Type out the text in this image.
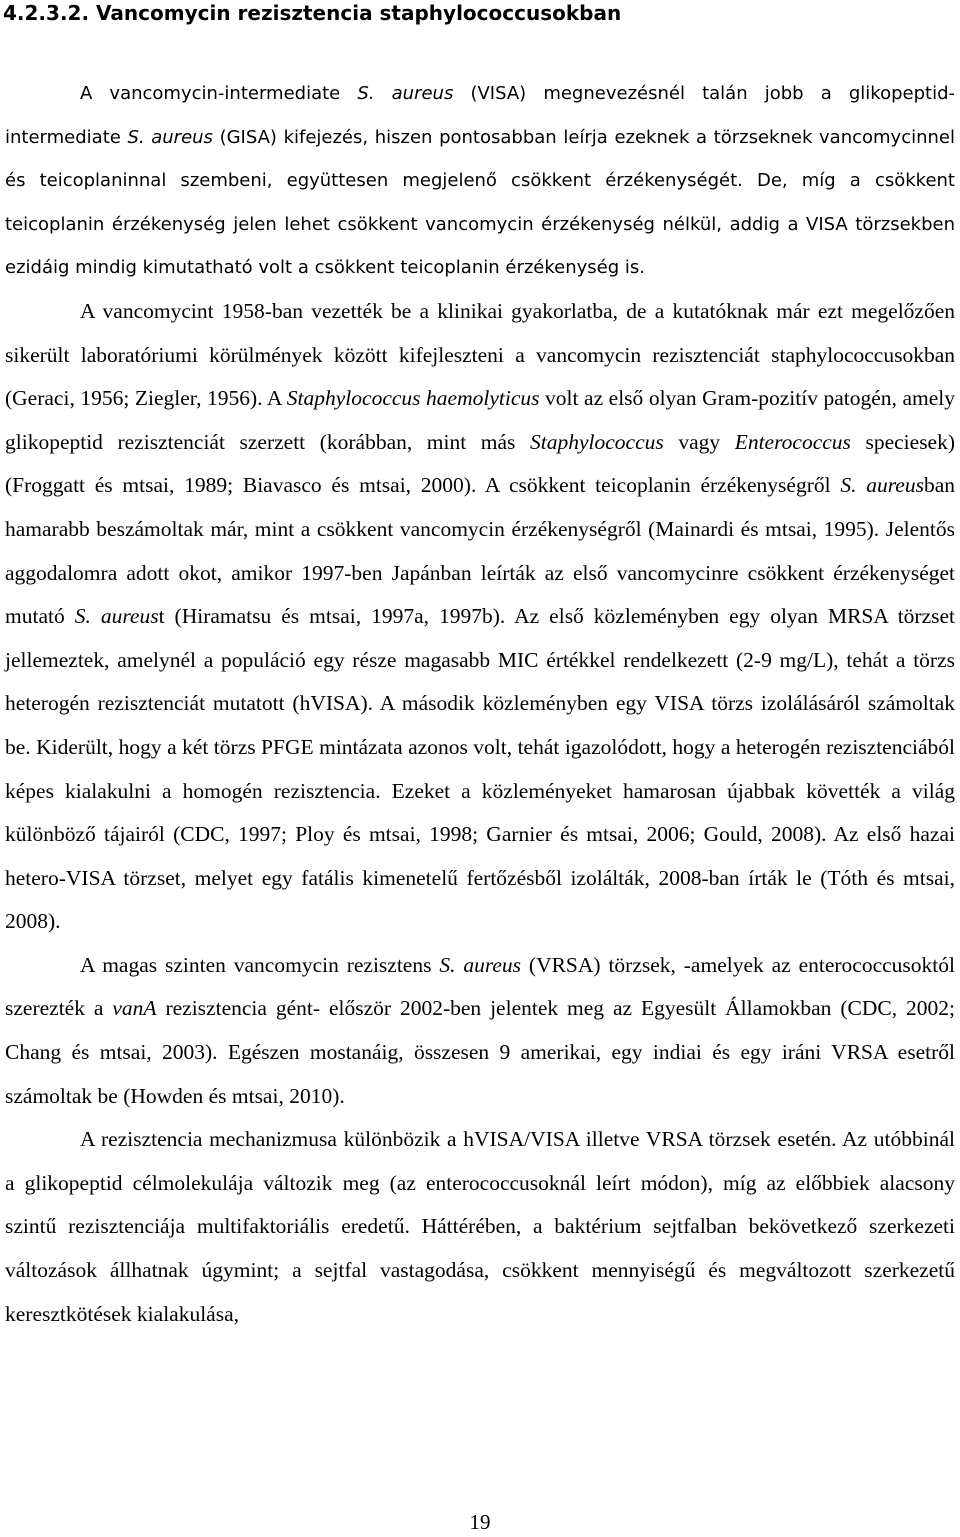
4.2.3.2. Vancomycin rezisztencia staphylococcusokban

A vancomycin-intermediate S. aureus (VISA) megnevezésnél talán jobb a glikopeptid-intermediate S. aureus (GISA) kifejezés, hiszen pontosabban leírja ezeknek a törzseknek vancomycinnel és teicoplaninnal szembeni, együttesen megjelenő csökkent érzékenységét. De, míg a csökkent teicoplanin érzékenység jelen lehet csökkent vancomycin érzékenység nélkül, addig a VISA törzsekben ezidáig mindig kimutatható volt a csökkent teicoplanin érzékenység is.

A vancomycint 1958-ban vezették be a klinikai gyakorlatba, de a kutatóknak már ezt megelőzően sikerült laboratóriumi körülmények között kifejleszteni a vancomycin rezisztenciát staphylococcusokban (Geraci, 1956; Ziegler, 1956). A Staphylococcus haemolyticus volt az első olyan Gram-pozitív patogén, amely glikopeptid rezisztenciát szerzett (korábban, mint más Staphylococcus vagy Enterococcus speciesek) (Froggatt és mtsai, 1989; Biavasco és mtsai, 2000). A csökkent teicoplanin érzékenységről S. aureusban hamarabb beszámoltak már, mint a csökkent vancomycin érzékenységről (Mainardi és mtsai, 1995). Jelentős aggodalomra adott okot, amikor 1997-ben Japánban leírták az első vancomycinre csökkent érzékenységet mutató S. aureust (Hiramatsu és mtsai, 1997a, 1997b). Az első közleményben egy olyan MRSA törzset jellemeztek, amelynél a populáció egy része magasabb MIC értékkel rendelkezett (2-9 mg/L), tehát a törzs heterogén rezisztenciát mutatott (hVISA). A második közleményben egy VISA törzs izolálásáról számoltak be. Kiderült, hogy a két törzs PFGE mintázata azonos volt, tehát igazolódott, hogy a heterogén rezisztenciából képes kialakulni a homogén rezisztencia. Ezeket a közleményeket hamarosan újabbak követték a világ különböző tájairól (CDC, 1997; Ploy és mtsai, 1998; Garnier és mtsai, 2006; Gould, 2008). Az első hazai hetero-VISA törzset, melyet egy fatális kimenetelű fertőzésből izolálták, 2008-ban írták le (Tóth és mtsai, 2008).

A magas szinten vancomycin rezisztens S. aureus (VRSA) törzsek, -amelyek az enterococcusoktól szerezték a vanA rezisztencia gént- először 2002-ben jelentek meg az Egyesült Államokban (CDC, 2002; Chang és mtsai, 2003). Egészen mostanáig, összesen 9 amerikai, egy indiai és egy iráni VRSA esetről számoltak be (Howden és mtsai, 2010).

A rezisztencia mechanizmusa különbözik a hVISA/VISA illetve VRSA törzsek esetén. Az utóbbinál a glikopeptid célmolekulája változik meg (az enterococcusoknál leírt módon), míg az előbbiek alacsony szintű rezisztenciája multifaktoriális eredetű. Háttérében, a baktérium sejtfalban bekövetkező szerkezeti változások állhatnak úgymint; a sejtfal vastagodása, csökkent mennyiségű és megváltozott szerkezetű keresztkötések kialakulása,

19
